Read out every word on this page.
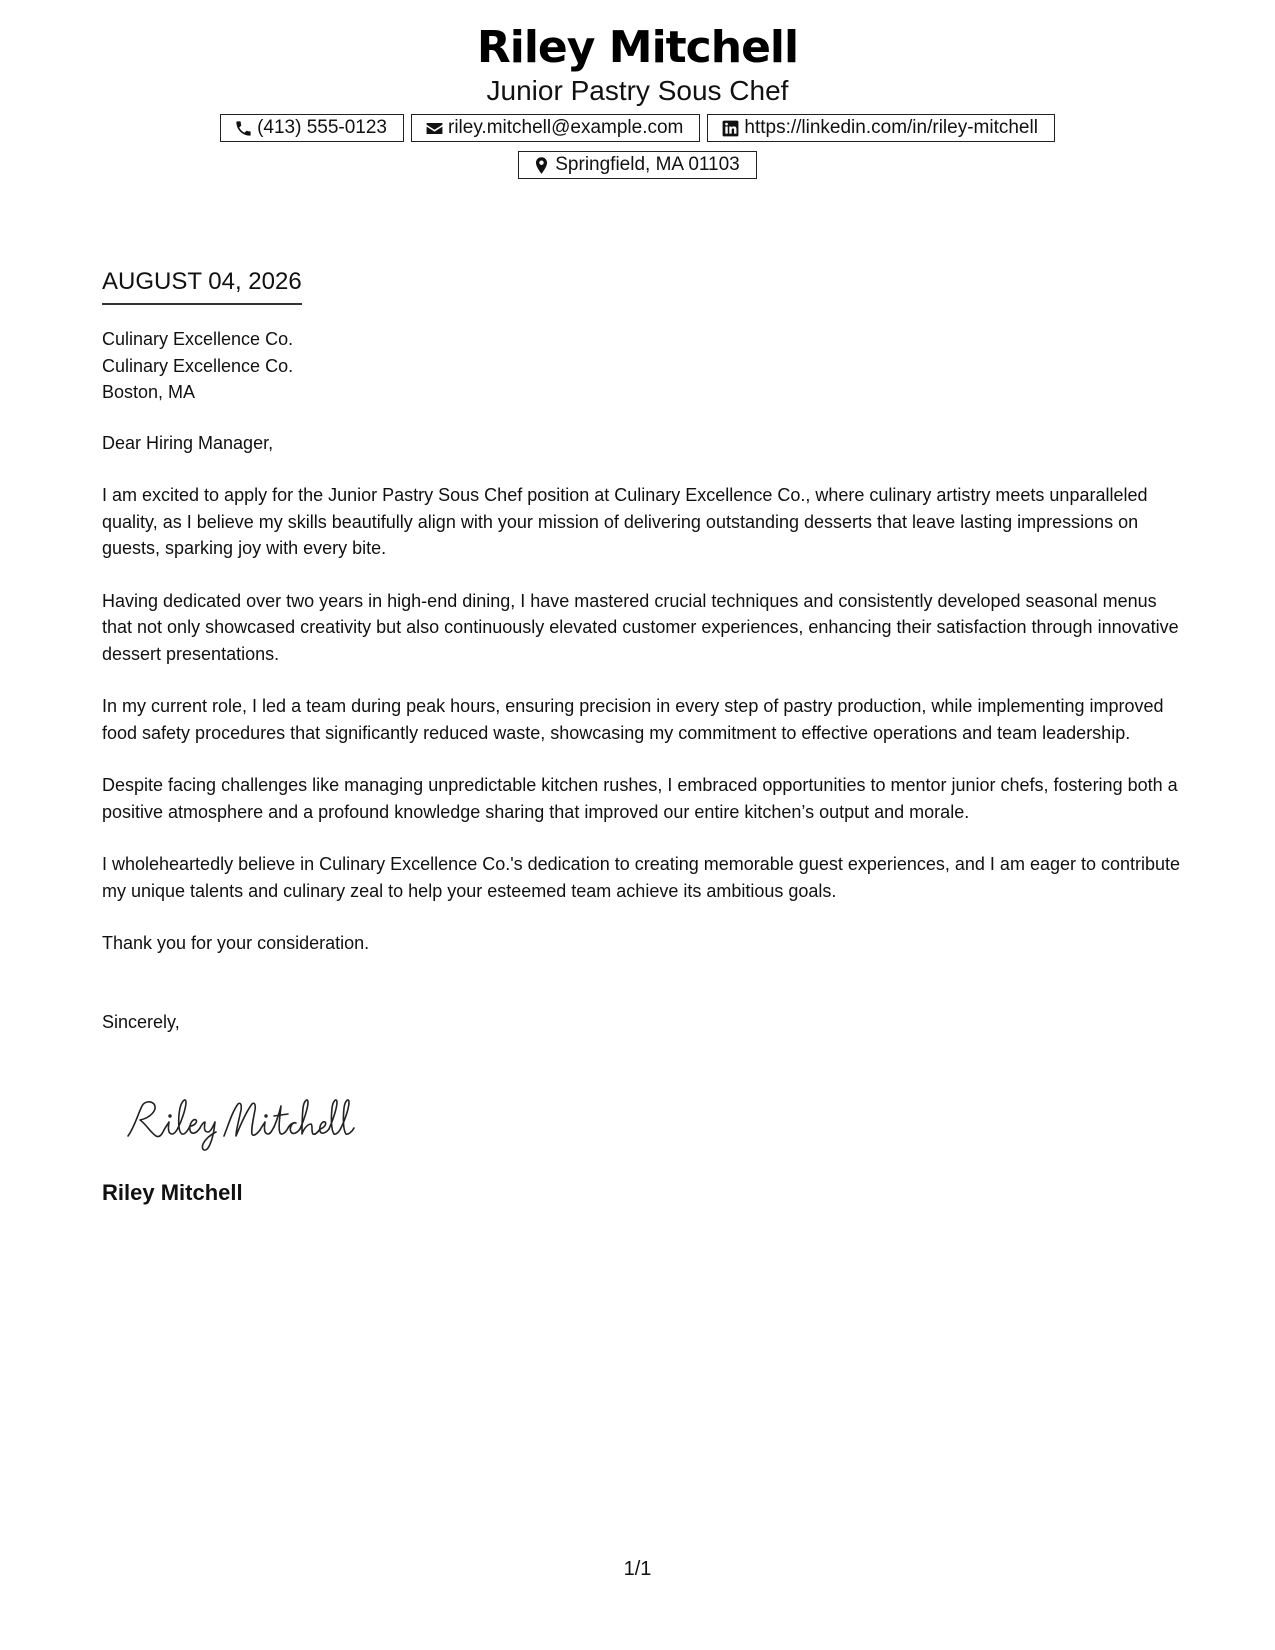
Riley Mitchell
Junior Pastry Sous Chef
(413) 555-0123	riley.mitchell@example.com	https://linkedin.com/in/riley-mitchell
Springfield, MA 01103
AUGUST 04, 2026
Culinary Excellence Co.
Culinary Excellence Co.
Boston, MA
Dear Hiring Manager,
I am excited to apply for the Junior Pastry Sous Chef position at Culinary Excellence Co., where culinary artistry meets unparalleled quality, as I believe my skills beautifully align with your mission of delivering outstanding desserts that leave lasting impressions on guests, sparking joy with every bite.
Having dedicated over two years in high-end dining, I have mastered crucial techniques and consistently developed seasonal menus that not only showcased creativity but also continuously elevated customer experiences, enhancing their satisfaction through innovative dessert presentations.
In my current role, I led a team during peak hours, ensuring precision in every step of pastry production, while implementing improved food safety procedures that significantly reduced waste, showcasing my commitment to effective operations and team leadership.
Despite facing challenges like managing unpredictable kitchen rushes, I embraced opportunities to mentor junior chefs, fostering both a positive atmosphere and a profound knowledge sharing that improved our entire kitchen’s output and morale.
I wholeheartedly believe in Culinary Excellence Co.'s dedication to creating memorable guest experiences, and I am eager to contribute my unique talents and culinary zeal to help your esteemed team achieve its ambitious goals.
Thank you for your consideration.
Sincerely,
Riley Mitchell
1/1
